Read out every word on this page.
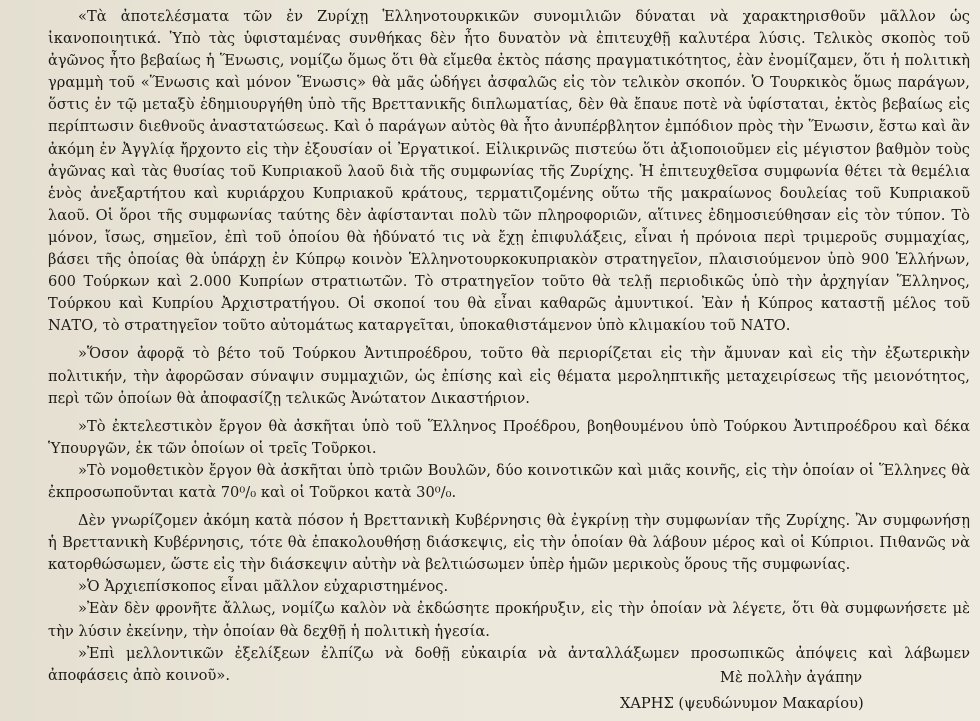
«Τὰ ἀποτελέσματα τῶν ἐν Ζυρίχῃ Ἑλληνοτουρκικῶν συνομιλιῶν δύναται νὰ χαρακτηρισθοῦν μᾶλλον ὡς ἱκανοποιητικά. Ὑπὸ τὰς ὑφισταμένας συνθήκας δὲν ἦτο δυνατὸν νὰ ἐπιτευχθῇ καλυτέρα λύσις. Τελικὸς σκοπὸς τοῦ ἀγῶνος ἦτο βεβαίως ἡ Ἕνωσις, νομίζω ὅμως ὅτι θὰ εἴμεθα ἐκτὸς πάσης πραγματικότητος, ἐὰν ἐνομίζαμεν, ὅτι ἡ πολιτικὴ γραμμὴ τοῦ «Ἕνωσις καὶ μόνον Ἕνωσις» θὰ μᾶς ὡδήγει ἀσφαλῶς εἰς τὸν τελικὸν σκοπόν. Ὁ Τουρκικὸς ὅμως παράγων, ὅστις ἐν τῷ μεταξὺ ἐδημιουργήθη ὑπὸ τῆς Βρεττανικῆς διπλωματίας, δὲν θὰ ἔπαυε ποτὲ νὰ ὑφίσταται, ἐκτὸς βεβαίως εἰς περίπτωσιν διεθνοῦς ἀναστατώσεως. Καὶ ὁ παράγων αὐτὸς θὰ ἦτο ἀνυπέρβλητον ἐμπόδιον πρὸς τὴν Ἕνωσιν, ἔστω καὶ ἂν ἀκόμη ἐν Ἀγγλίᾳ ἤρχοντο εἰς τὴν ἐξουσίαν οἱ Ἐργατικοί. Εἰλικρινῶς πιστεύω ὅτι ἀξιοποιοῦμεν εἰς μέγιστον βαθμὸν τοὺς ἀγῶνας καὶ τὰς θυσίας τοῦ Κυπριακοῦ λαοῦ διὰ τῆς συμφωνίας τῆς Ζυρίχης. Ἡ ἐπιτευχθεῖσα συμφωνία θέτει τὰ θεμέλια ἑνὸς ἀνεξαρτήτου καὶ κυριάρχου Κυπριακοῦ κράτους, τερματιζομένης οὕτω τῆς μακραίωνος δουλείας τοῦ Κυπριακοῦ λαοῦ. Οἱ ὅροι τῆς συμφωνίας ταύτης δὲν ἀφίστανται πολὺ τῶν πληροφοριῶν, αἵτινες ἐδημοσιεύθησαν εἰς τὸν τύπον. Τὸ μόνον, ἴσως, σημεῖον, ἐπὶ τοῦ ὁποίου θὰ ἠδύνατό τις νὰ ἔχῃ ἐπιφυλάξεις, εἶναι ἡ πρόνοια περὶ τριμεροῦς συμμαχίας, βάσει τῆς ὁποίας θὰ ὑπάρχῃ ἐν Κύπρῳ κοινὸν Ἑλληνοτουρκοκυπριακὸν στρατηγεῖον, πλαισιούμενον ὑπὸ 900 Ἑλλήνων, 600 Τούρκων καὶ 2.000 Κυπρίων στρατιωτῶν. Τὸ στρατηγεῖον τοῦτο θὰ τελῇ περιοδικῶς ὑπὸ τὴν ἀρχηγίαν Ἕλληνος, Τούρκου καὶ Κυπρίου Ἀρχιστρατήγου. Οἱ σκοποί του θὰ εἶναι καθαρῶς ἀμυντικοί. Ἐὰν ἡ Κύπρος καταστῇ μέλος τοῦ ΝΑΤΟ, τὸ στρατηγεῖον τοῦτο αὐτομάτως καταργεῖται, ὑποκαθιστάμενον ὑπὸ κλιμακίου τοῦ ΝΑΤΟ.

»Ὅσον ἀφορᾷ τὸ βέτο τοῦ Τούρκου Ἀντιπροέδρου, τοῦτο θὰ περιορίζεται εἰς τὴν ἄμυναν καὶ εἰς τὴν ἐξωτερικὴν πολιτικήν, τὴν ἀφορῶσαν σύναψιν συμμαχιῶν, ὡς ἐπίσης καὶ εἰς θέματα μεροληπτικῆς μεταχειρίσεως τῆς μειονότητος, περὶ τῶν ὁποίων θὰ ἀποφασίζῃ τελικῶς Ἀνώτατον Δικαστήριον.

»Τὸ ἐκτελεστικὸν ἔργον θὰ ἀσκῆται ὑπὸ τοῦ Ἕλληνος Προέδρου, βοηθουμένου ὑπὸ Τούρκου Ἀντιπροέδρου καὶ δέκα Ὑπουργῶν, ἐκ τῶν ὁποίων οἱ τρεῖς Τοῦρκοι.

»Τὸ νομοθετικὸν ἔργον θὰ ἀσκῆται ὑπὸ τριῶν Βουλῶν, δύο κοινοτικῶν καὶ μιᾶς κοινῆς, εἰς τὴν ὁποίαν οἱ Ἕλληνες θὰ ἐκπροσωποῦνται κατὰ 70⁰/₀ καὶ οἱ Τοῦρκοι κατὰ 30⁰/₀.

Δὲν γνωρίζομεν ἀκόμη κατὰ πόσον ἡ Βρεττανικὴ Κυβέρνησις θὰ ἐγκρίνῃ τὴν συμφωνίαν τῆς Ζυρίχης. Ἂν συμφωνήσῃ ἡ Βρεττανικὴ Κυβέρνησις, τότε θὰ ἐπακολουθήσῃ διάσκεψις, εἰς τὴν ὁποίαν θὰ λάβουν μέρος καὶ οἱ Κύπριοι. Πιθανῶς νὰ κατορθώσωμεν, ὥστε εἰς τὴν διάσκεψιν αὐτὴν νὰ βελτιώσωμεν ὑπὲρ ἡμῶν μερικοὺς ὅρους τῆς συμφωνίας.

»Ὁ Ἀρχιεπίσκοπος εἶναι μᾶλλον εὐχαριστημένος.

»Ἐὰν δὲν φρονῆτε ἄλλως, νομίζω καλὸν νὰ ἐκδώσητε προκήρυξιν, εἰς τὴν ὁποίαν νὰ λέγετε, ὅτι θὰ συμφωνήσετε μὲ τὴν λύσιν ἐκείνην, τὴν ὁποίαν θὰ δεχθῇ ἡ πολιτικὴ ἡγεσία.

»Ἐπὶ μελλοντικῶν ἐξελίξεων ἐλπίζω νὰ δοθῇ εὐκαιρία νὰ ἀνταλλάξωμεν προσωπικῶς ἀπόψεις καὶ λάβωμεν ἀποφάσεις ἀπὸ κοινοῦ».	Μὲ πολλὴν ἀγάπην
ΧΑΡΗΣ (ψευδώνυμον Μακαρίου)
